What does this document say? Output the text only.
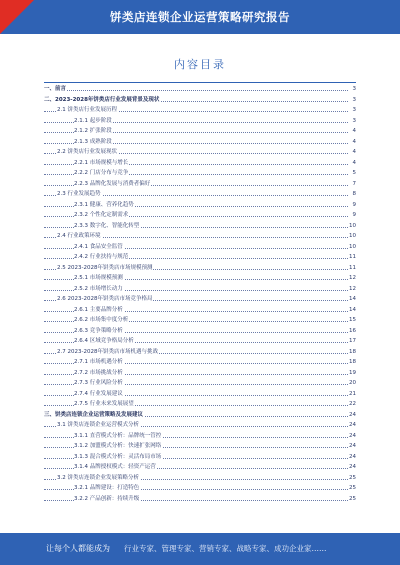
饼类店连锁企业运营策略研究报告
内容目录
一、前言	3
二、2023-2028年饼类店行业发展背景及现状	3
2.1 饼类店行业发展历程	3
2.1.1 起步阶段	3
2.1.2 扩张阶段	4
2.1.3 成熟阶段	4
2.2 饼类店行业发展现状	4
2.2.1 市场规模与增长	4
2.2.2 门店分布与竞争	5
2.2.3 品牌化发展与消费者偏好	7
2.3 行业发展趋势	8
2.3.1 健康、营养化趋势	9
2.3.2 个性化定制需求	9
2.3.3 数字化、智能化转型	10
2.4 行业政策环境	10
2.4.1 食品安全监管	10
2.4.2 行业扶持与规范	11
2.5 2023-2028年饼类店市场规模预测	11
2.5.1 市场规模预测	12
2.5.2 市场增长动力	12
2.6 2023-2028年饼类店市场竞争格局	14
2.6.1 主要品牌分析	14
2.6.2 市场集中度分析	15
2.6.3 竞争策略分析	16
2.6.4 区域竞争格局分析	17
2.7 2023-2028年饼类店市场机遇与挑战	18
2.7.1 市场机遇分析	18
2.7.2 市场挑战分析	19
2.7.3 行业风险分析	20
2.7.4 行业发展建议	21
2.7.5 行业未来发展展望	22
三、饼类店连锁企业运营策略及发展建议	24
3.1 饼类店连锁企业运营模式分析	24
3.1.1 直营模式分析：品牌统一管控	24
3.1.2 加盟模式分析：快速扩张网络	24
3.1.3 混合模式分析：灵活布局市场	24
3.1.4 品牌授权模式：轻资产运营	24
3.2 饼类店连锁企业发展策略分析	25
3.2.1 品牌建设：打造特色	25
3.2.2 产品创新：持续升级	25
让每个人都能成为 行业专家、管理专家、营销专家、战略专家、成功企业家……
